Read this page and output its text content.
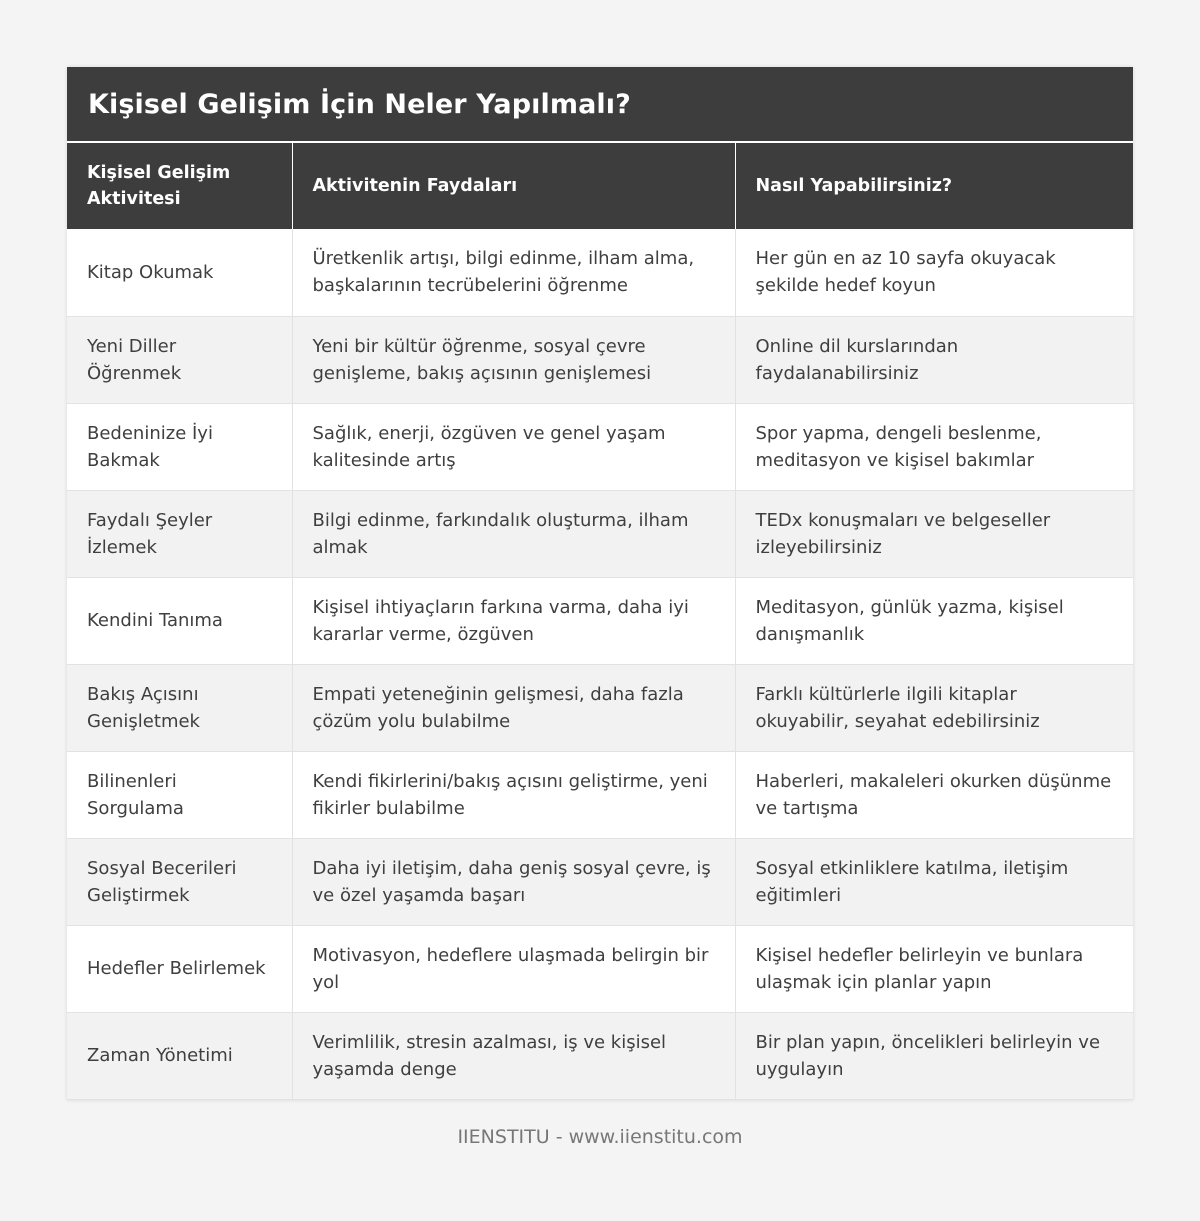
Kişisel Gelişim İçin Neler Yapılmalı?
Kişisel Gelişim Aktivitesi	Aktivitenin Faydaları	Nasıl Yapabilirsiniz?
Kitap Okumak	Üretkenlik artışı, bilgi edinme, ilham alma, başkalarının tecrübelerini öğrenme	Her gün en az 10 sayfa okuyacak şekilde hedef koyun
Yeni Diller Öğrenmek	Yeni bir kültür öğrenme, sosyal çevre genişleme, bakış açısının genişlemesi	Online dil kurslarından faydalanabilirsiniz
Bedeninize İyi Bakmak	Sağlık, enerji, özgüven ve genel yaşam kalitesinde artış	Spor yapma, dengeli beslenme, meditasyon ve kişisel bakımlar
Faydalı Şeyler İzlemek	Bilgi edinme, farkındalık oluşturma, ilham almak	TEDx konuşmaları ve belgeseller izleyebilirsiniz
Kendini Tanıma	Kişisel ihtiyaçların farkına varma, daha iyi kararlar verme, özgüven	Meditasyon, günlük yazma, kişisel danışmanlık
Bakış Açısını Genişletmek	Empati yeteneğinin gelişmesi, daha fazla çözüm yolu bulabilme	Farklı kültürlerle ilgili kitaplar okuyabilir, seyahat edebilirsiniz
Bilinenleri Sorgulama	Kendi fikirlerini/bakış açısını geliştirme, yeni fikirler bulabilme	Haberleri, makaleleri okurken düşünme ve tartışma
Sosyal Becerileri Geliştirmek	Daha iyi iletişim, daha geniş sosyal çevre, iş ve özel yaşamda başarı	Sosyal etkinliklere katılma, iletişim eğitimleri
Hedefler Belirlemek	Motivasyon, hedeflere ulaşmada belirgin bir yol	Kişisel hedefler belirleyin ve bunlara ulaşmak için planlar yapın
Zaman Yönetimi	Verimlilik, stresin azalması, iş ve kişisel yaşamda denge	Bir plan yapın, öncelikleri belirleyin ve uygulayın
IIENSTITU - www.iienstitu.com
